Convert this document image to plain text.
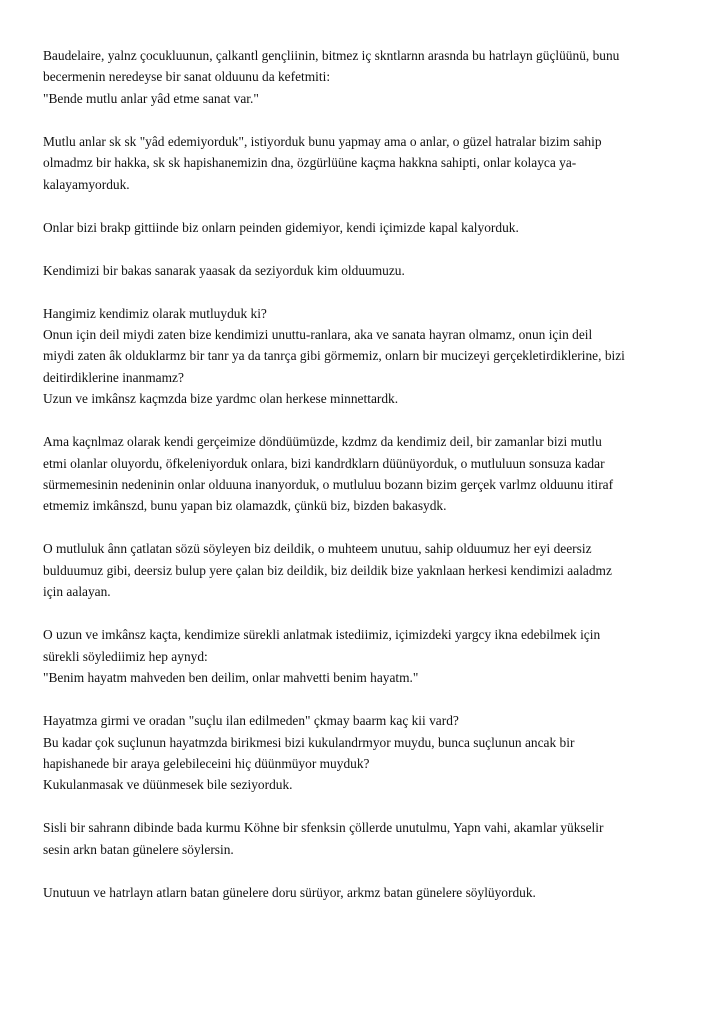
Baudelaire, yalnz çocukluunun, çalkantl gençliinin, bitmez iç skntlarnn arasnda bu hatrlayn güçlüünü, bunu
becermenin neredeyse bir sanat olduunu da kefetmiti:
"Bende mutlu anlar yâd etme sanat var."
Mutlu anlar sk sk "yâd edemiyorduk", istiyorduk bunu yapmay ama o anlar, o güzel hatralar bizim sahip
olmadmz bir hakka, sk sk hapishanemizin dna, özgürlüüne kaçma hakkna sahipti, onlar kolayca ya-
kalayamyorduk.
Onlar bizi brakp gittiinde biz onlarn peinden gidemiyor, kendi içimizde kapal kalyorduk.
Kendimizi bir bakas sanarak yaasak da seziyorduk kim olduumuzu.
Hangimiz kendimiz olarak mutluyduk ki?
Onun için deil miydi zaten bize kendimizi unuttu-ranlara, aka ve sanata hayran olmamz, onun için deil
miydi zaten âk olduklarmz bir tanr ya da tanrça gibi görmemiz, onlarn bir mucizeyi gerçekletirdiklerine, bizi
deitirdiklerine inanmamz?
Uzun ve imkânsz kaçmzda bize yardmc olan herkese minnettardk.
Ama kaçnlmaz olarak kendi gerçeimize döndüümüzde, kzdmz da kendimiz deil, bir zamanlar bizi mutlu
etmi olanlar oluyordu, öfkeleniyorduk onlara, bizi kandrdklarn düünüyorduk, o mutluluun sonsuza kadar
sürmemesinin nedeninin onlar olduuna inanyorduk, o mutluluu bozann bizim gerçek varlmz olduunu itiraf
etmemiz imkânszd, bunu yapan biz olamazdk, çünkü biz, bizden bakasydk.
O mutluluk ânn çatlatan sözü söyleyen biz deildik, o muhteem unutuu, sahip olduumuz her eyi deersiz
bulduumuz gibi, deersiz bulup yere çalan biz deildik, biz deildik bize yaknlaan herkesi kendimizi aaladmz
için aalayan.
O uzun ve imkânsz kaçta, kendimize sürekli anlatmak istediimiz, içimizdeki yargcy ikna edebilmek için
sürekli söylediimiz hep aynyd:
"Benim hayatm mahveden ben deilim, onlar mahvetti benim hayatm."
Hayatmza girmi ve oradan "suçlu ilan edilmeden" çkmay baarm kaç kii vard?
Bu kadar çok suçlunun hayatmzda birikmesi bizi kukulandrmyor muydu, bunca suçlunun ancak bir
hapishanede bir araya gelebileceini hiç düünmüyor muyduk?
Kukulanmasak ve düünmesek bile seziyorduk.
Sisli bir sahrann dibinde bada kurmu Köhne bir sfenksin çöllerde unutulmu, Yapn vahi, akamlar yükselir
sesin arkn batan günelere söylersin.
Unutuun ve hatrlayn atlarn batan günelere doru sürüyor, arkmz batan günelere söylüyorduk.
